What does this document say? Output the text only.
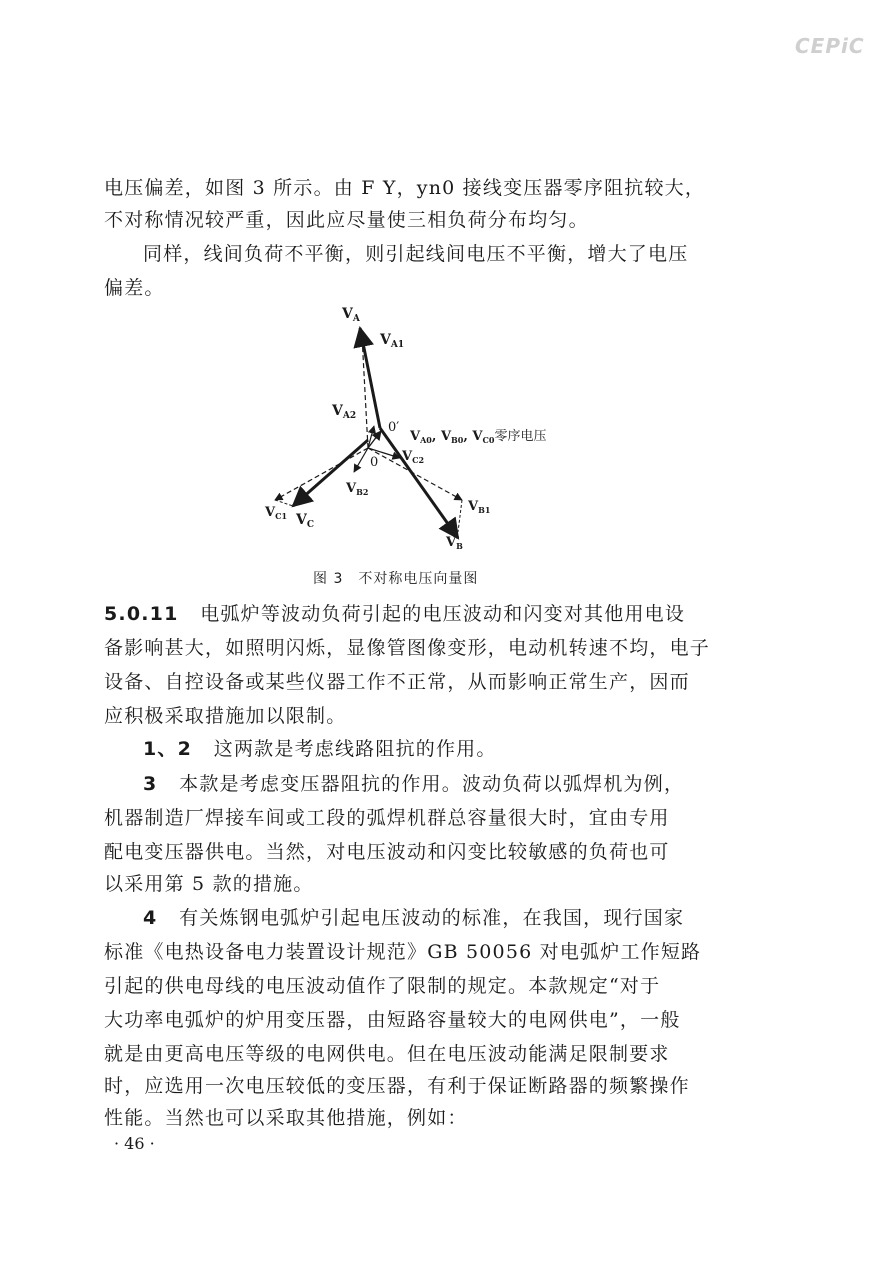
CEPiC
电压偏差，如图 3 所示。由 F Y，yn0 接线变压器零序阻抗较大，
不对称情况较严重，因此应尽量使三相负荷分布均匀。
同样，线间负荷不平衡，则引起线间电压不平衡，增大了电压
偏差。
$V_A$
$V_{A1}$
$V_{A2}$
0′
0
$V_{A0}$, $V_{B0}$, $V_{C0}$零序电压
$V_{C2}$
$V_{B2}$
$V_{C1}$ $V_C$
$V_{B1}$
$V_B$
图 3　不对称电压向量图
5.0.11 电弧炉等波动负荷引起的电压波动和闪变对其他用电设
备影响甚大，如照明闪烁，显像管图像变形，电动机转速不均，电子
设备、自控设备或某些仪器工作不正常，从而影响正常生产，因而
应积极采取措施加以限制。
1、2 这两款是考虑线路阻抗的作用。
3 本款是考虑变压器阻抗的作用。波动负荷以弧焊机为例，
机器制造厂焊接车间或工段的弧焊机群总容量很大时，宜由专用
配电变压器供电。当然，对电压波动和闪变比较敏感的负荷也可
以采用第 5 款的措施。
4 有关炼钢电弧炉引起电压波动的标准，在我国，现行国家
标准《电热设备电力装置设计规范》GB 50056 对电弧炉工作短路
引起的供电母线的电压波动值作了限制的规定。本款规定“对于
大功率电弧炉的炉用变压器，由短路容量较大的电网供电”，一般
就是由更高电压等级的电网供电。但在电压波动能满足限制要求
时，应选用一次电压较低的变压器，有利于保证断路器的频繁操作
性能。当然也可以采取其他措施，例如：
· 46 ·
